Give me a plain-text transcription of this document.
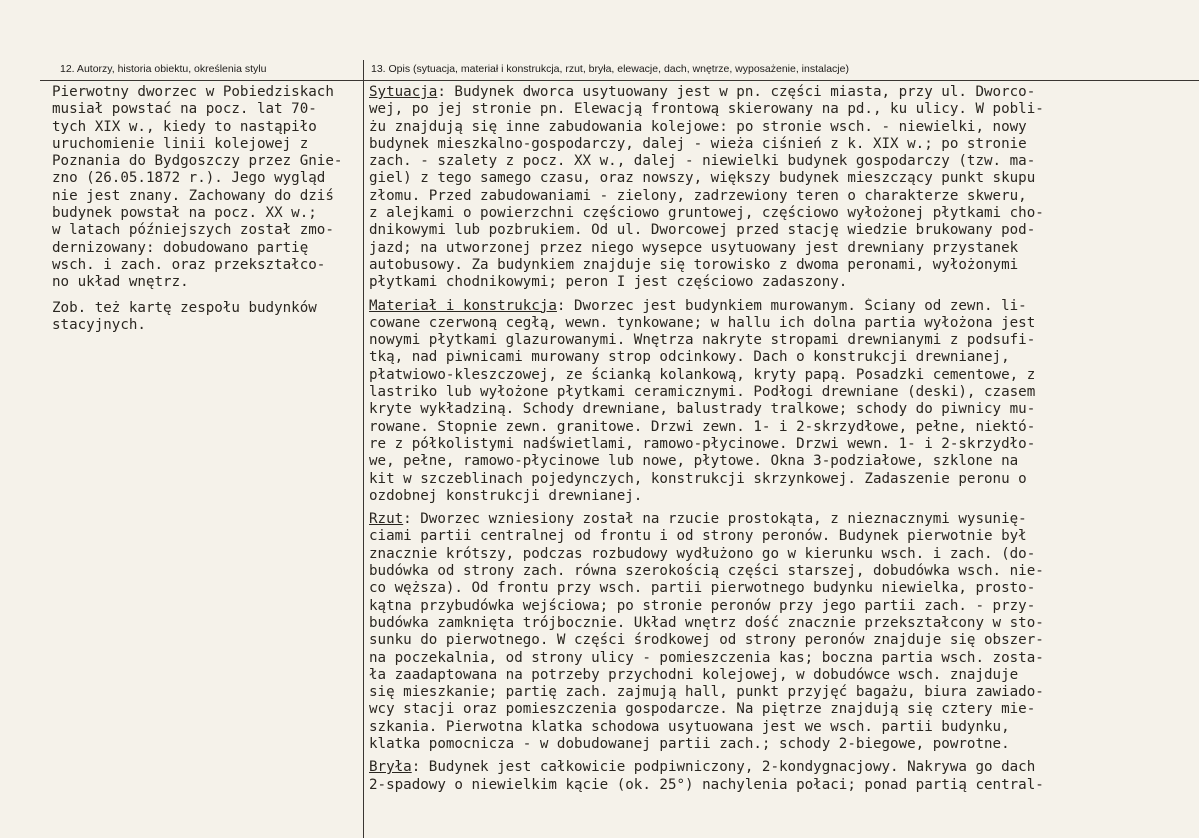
12. Autorzy, historia obiektu, określenia stylu	13. Opis (sytuacja, materiał i konstrukcja, rzut, bryła, elewacje, dach, wnętrze, wyposażenie, instalacje)
Pierwotny dworzec w Pobiedziskach
musiał powstać na pocz. lat 70-
tych XIX w., kiedy to nastąpiło
uruchomienie linii kolejowej z
Poznania do Bydgoszczy przez Gnie-
zno (26.05.1872 r.). Jego wygląd
nie jest znany. Zachowany do dziś
budynek powstał na pocz. XX w.;
w latach późniejszych został zmo-
dernizowany: dobudowano partię
wsch. i zach. oraz przekształco-
no układ wnętrz.
Zob. też kartę zespołu budynków
stacyjnych.
Sytuacja: Budynek dworca usytuowany jest w pn. części miasta, przy ul. Dworco-
wej, po jej stronie pn. Elewacją frontową skierowany na pd., ku ulicy. W pobli-
żu znajdują się inne zabudowania kolejowe: po stronie wsch. - niewielki, nowy
budynek mieszkalno-gospodarczy, dalej - wieża ciśnień z k. XIX w.; po stronie
zach. - szalety z pocz. XX w., dalej - niewielki budynek gospodarczy (tzw. ma-
giel) z tego samego czasu, oraz nowszy, większy budynek mieszczący punkt skupu
złomu. Przed zabudowaniami - zielony, zadrzewiony teren o charakterze skweru,
z alejkami o powierzchni częściowo gruntowej, częściowo wyłożonej płytkami cho-
dnikowymi lub pozbrukiem. Od ul. Dworcowej przed stację wiedzie brukowany pod-
jazd; na utworzonej przez niego wysepce usytuowany jest drewniany przystanek
autobusowy. Za budynkiem znajduje się torowisko z dwoma peronami, wyłożonymi
płytkami chodnikowymi; peron I jest częściowo zadaszony.
Materiał i konstrukcja: Dworzec jest budynkiem murowanym. Ściany od zewn. li-
cowane czerwoną cegłą, wewn. tynkowane; w hallu ich dolna partia wyłożona jest
nowymi płytkami glazurowanymi. Wnętrza nakryte stropami drewnianymi z podsufi-
tką, nad piwnicami murowany strop odcinkowy. Dach o konstrukcji drewnianej,
płatwiowo-kleszczowej, ze ścianką kolankową, kryty papą. Posadzki cementowe, z
lastriko lub wyłożone płytkami ceramicznymi. Podłogi drewniane (deski), czasem
kryte wykładziną. Schody drewniane, balustrady tralkowe; schody do piwnicy mu-
rowane. Stopnie zewn. granitowe. Drzwi zewn. 1- i 2-skrzydłowe, pełne, niektó-
re z półkolistymi nadświetlami, ramowo-płycinowe. Drzwi wewn. 1- i 2-skrzydło-
we, pełne, ramowo-płycinowe lub nowe, płytowe. Okna 3-podziałowe, szklone na
kit w szczeblinach pojedynczych, konstrukcji skrzynkowej. Zadaszenie peronu o
ozdobnej konstrukcji drewnianej.
Rzut: Dworzec wzniesiony został na rzucie prostokąta, z nieznacznymi wysunię-
ciami partii centralnej od frontu i od strony peronów. Budynek pierwotnie był
znacznie krótszy, podczas rozbudowy wydłużono go w kierunku wsch. i zach. (do-
budówka od strony zach. równa szerokością części starszej, dobudówka wsch. nie-
co węższa). Od frontu przy wsch. partii pierwotnego budynku niewielka, prosto-
kątna przybudówka wejściowa; po stronie peronów przy jego partii zach. - przy-
budówka zamknięta trójbocznie. Układ wnętrz dość znacznie przekształcony w sto-
sunku do pierwotnego. W części środkowej od strony peronów znajduje się obszer-
na poczekalnia, od strony ulicy - pomieszczenia kas; boczna partia wsch. zosta-
ła zaadaptowana na potrzeby przychodni kolejowej, w dobudówce wsch. znajduje
się mieszkanie; partię zach. zajmują hall, punkt przyjęć bagażu, biura zawiado-
wcy stacji oraz pomieszczenia gospodarcze. Na piętrze znajdują się cztery mie-
szkania. Pierwotna klatka schodowa usytuowana jest we wsch. partii budynku,
klatka pomocnicza - w dobudowanej partii zach.; schody 2-biegowe, powrotne.
Bryła: Budynek jest całkowicie podpiwniczony, 2-kondygnacjowy. Nakrywa go dach
2-spadowy o niewielkim kącie (ok. 25°) nachylenia połaci; ponad partią central-
